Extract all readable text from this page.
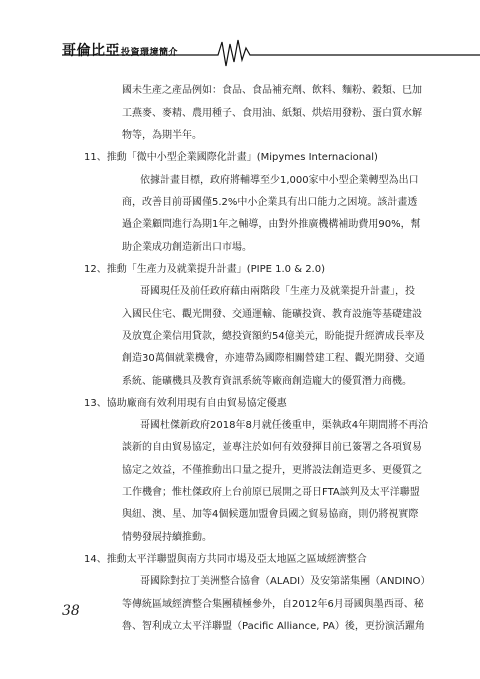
哥倫比亞投資環境簡介
國未生產之產品例如：食品、食品補充劑、飲料、麵粉、穀類、巳加
工燕麥、麥精、農用種子、食用油、紙類、烘焙用發粉、蛋白質水解
物等，為期半年。
11、推動「微中小型企業國際化計畫」(Mipymes Internacional)
依據計畫目標，政府將輔導至少1,000家中小型企業轉型為出口
商，改善目前哥國僅5.2%中小企業具有出口能力之困境。該計畫透
過企業顧問進行為期1年之輔導，由對外推廣機構補助費用90%，幫
助企業成功創造新出口市場。
12、推動「生產力及就業提升計畫」(PIPE 1.0 & 2.0)
哥國現任及前任政府藉由兩階段「生產力及就業提升計畫」，投
入國民住宅、觀光開發、交通運輸、能礦投資、教育設施等基礎建設
及放寬企業信用貸款，總投資額約54億美元，盼能提升經濟成長率及
創造30萬個就業機會，亦連帶為國際相關營建工程、觀光開發、交通
系統、能礦機具及教育資訊系統等廠商創造龐大的優質潛力商機。
13、協助廠商有效利用現有自由貿易協定優惠
哥國杜傑新政府2018年8月就任後重申，渠執政4年期間將不再洽
談新的自由貿易協定，並專注於如何有效發揮目前已簽署之各項貿易
協定之效益，不僅推動出口量之提升，更將設法創造更多、更優質之
工作機會；惟杜傑政府上台前原已展開之哥日FTA談判及太平洋聯盟
與紐、澳、星、加等4個候選加盟會員國之貿易協商，則仍將視實際
情勢發展持續推動。
14、推動太平洋聯盟與南方共同市場及亞太地區之區域經濟整合
哥國除對拉丁美洲整合協會（ALADI）及安第諾集團（ANDINO）
等傳統區域經濟整合集團積極參外，自2012年6月哥國與墨西哥、秘
魯、智利成立太平洋聯盟（Pacific Alliance, PA）後，更扮演活躍角
38
